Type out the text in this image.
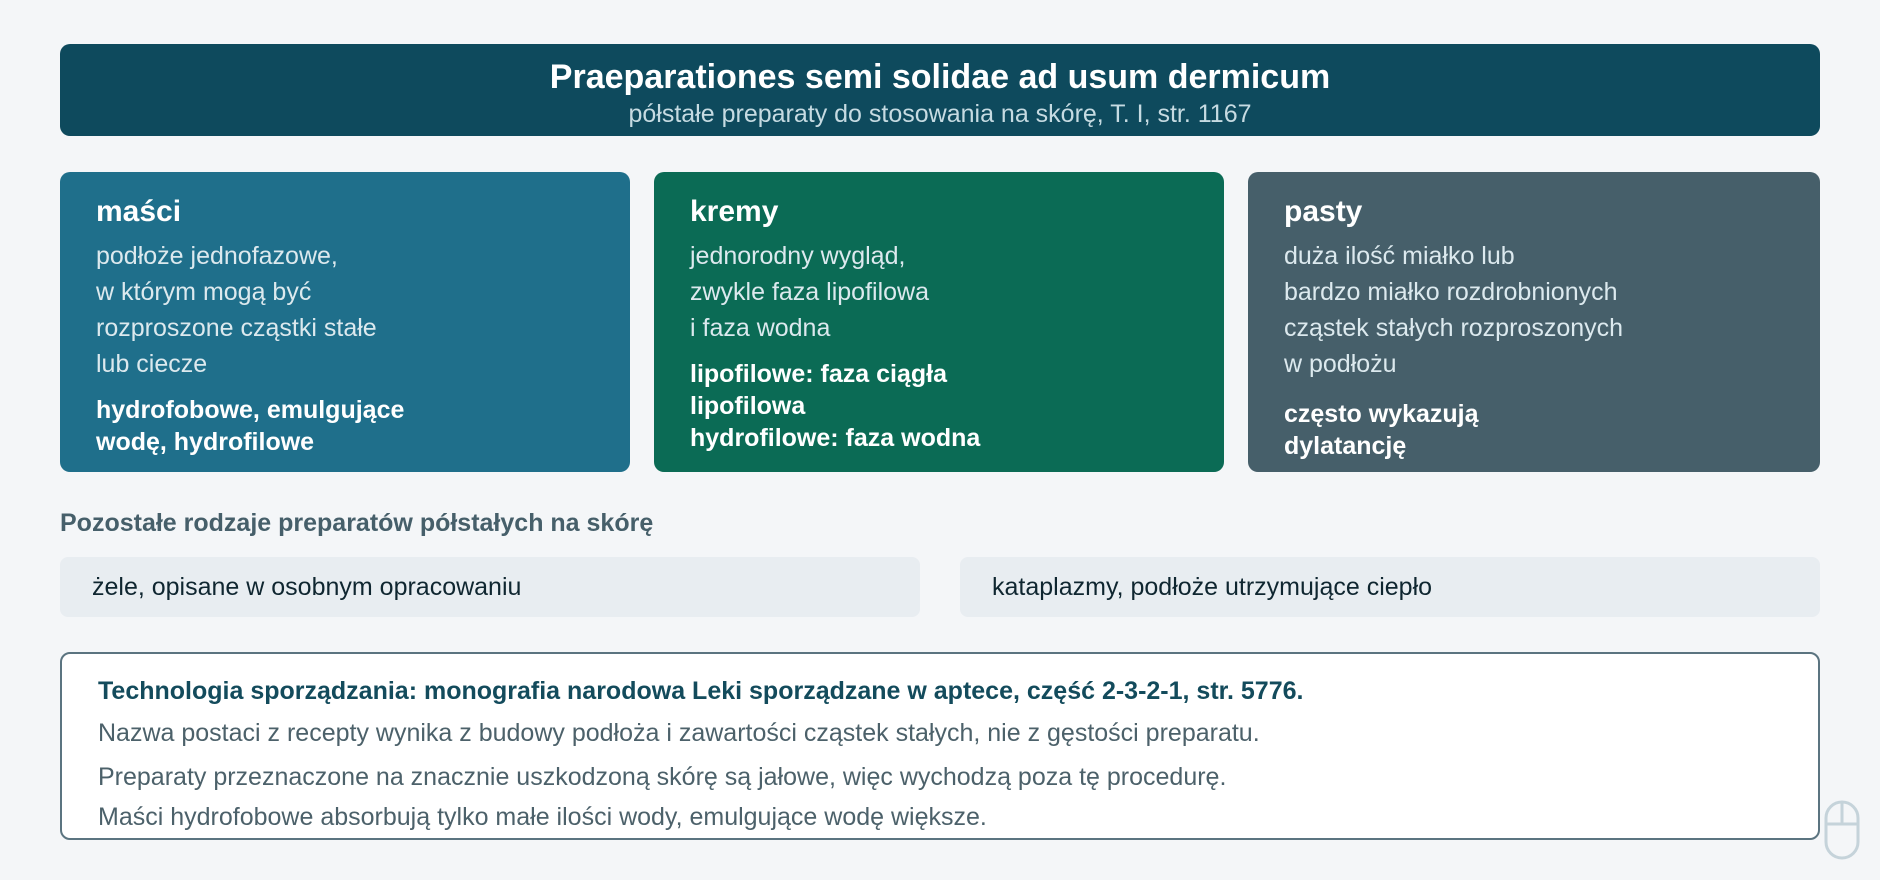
Praeparationes semi solidae ad usum dermicum
półstałe preparaty do stosowania na skórę, T. I, str. 1167
maści
podłoże jednofazowe,
w którym mogą być
rozproszone cząstki stałe
lub ciecze
hydrofobowe, emulgujące
wodę, hydrofilowe
kremy
jednorodny wygląd,
zwykle faza lipofilowa
i faza wodna
lipofilowe: faza ciągła
lipofilowa
hydrofilowe: faza wodna
pasty
duża ilość miałko lub
bardzo miałko rozdrobnionych
cząstek stałych rozproszonych
w podłożu
często wykazują
dylatancję
Pozostałe rodzaje preparatów półstałych na skórę
żele, opisane w osobnym opracowaniu	kataplazmy, podłoże utrzymujące ciepło
Technologia sporządzania: monografia narodowa Leki sporządzane w aptece, część 2-3-2-1, str. 5776.
Nazwa postaci z recepty wynika z budowy podłoża i zawartości cząstek stałych, nie z gęstości preparatu.
Preparaty przeznaczone na znacznie uszkodzoną skórę są jałowe, więc wychodzą poza tę procedurę.
Maści hydrofobowe absorbują tylko małe ilości wody, emulgujące wodę większe.
